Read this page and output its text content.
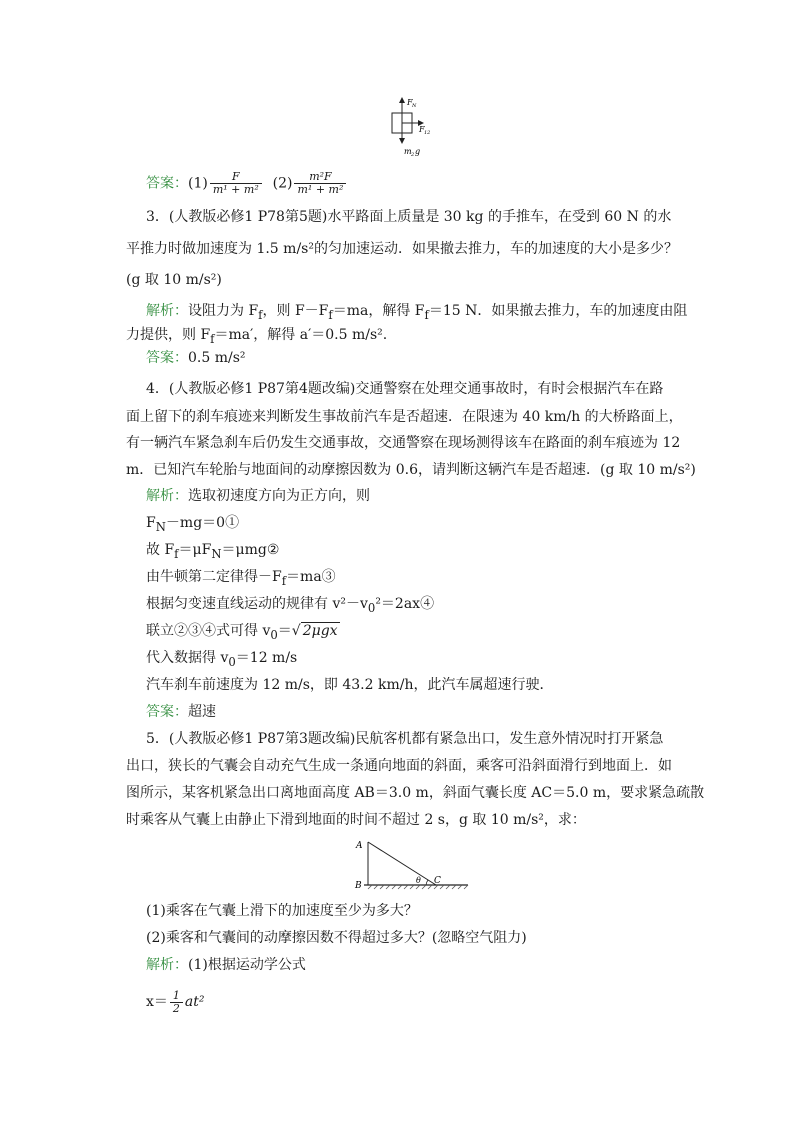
F N
F 12
m 2 g
答案：$(1) \frac{F}{\text{m¹ + m²}} (2) \frac{\text{m²F}}{\text{m¹ + m²}}$
3．(人教版必修1 P78第5题)水平路面上质量是 30 kg 的手推车，在受到 60 N 的水
平推力时做加速度为 1.5 m/s²的匀加速运动．如果撤去推力，车的加速度的大小是多少？
(g 取 10 m/s²)
解析：设阻力为 $F_f$，则 $F-F_f=ma$，解得 $F_f=15$ N．如果撤去推力，车的加速度由阻
力提供，则 $F_f=ma'$，解得 a′＝0.5 m/s².
答案：0.5 m/s²
4．(人教版必修1 P87第4题改编)交通警察在处理交通事故时，有时会根据汽车在路
面上留下的刹车痕迹来判断发生事故前汽车是否超速．在限速为 40 km/h 的大桥路面上，
有一辆汽车紧急刹车后仍发生交通事故，交通警察在现场测得该车在路面的刹车痕迹为 12
m．已知汽车轮胎与地面间的动摩擦因数为 0.6，请判断这辆汽车是否超速．(g 取 10 m/s²)
解析：选取初速度方向为正方向，则
$F_N-mg=0①$
故 $F_f=\mu F_N=\mu mg②$
由牛顿第二定律得$-F_f=ma③$
根据匀变速直线运动的规律有 $v^2-v_0^2=2ax④$
联立②③④式可得 $v_0=√$ 2μgx
代入数据得 $v_0=12$ m/s
汽车刹车前速度为 12 m/s，即 43.2 km/h，此汽车属超速行驶．
答案：超速
5．(人教版必修1 P87第3题改编)民航客机都有紧急出口，发生意外情况时打开紧急
出口，狭长的气囊会自动充气生成一条通向地面的斜面，乘客可沿斜面滑行到地面上．如
图所示，某客机紧急出口离地面高度 AB＝3.0 m，斜面气囊长度 AC＝5.0 m，要求紧急疏散
时乘客从气囊上由静止下滑到地面的时间不超过 2 s，g 取 10 m/s²，求：
A
B	C
θ
(1)乘客在气囊上滑下的加速度至少为多大？
(2)乘客和气囊间的动摩擦因数不得超过多大？(忽略空气阻力)
解析：(1)根据运动学公式
$x= \frac{1}{2} at^2$
